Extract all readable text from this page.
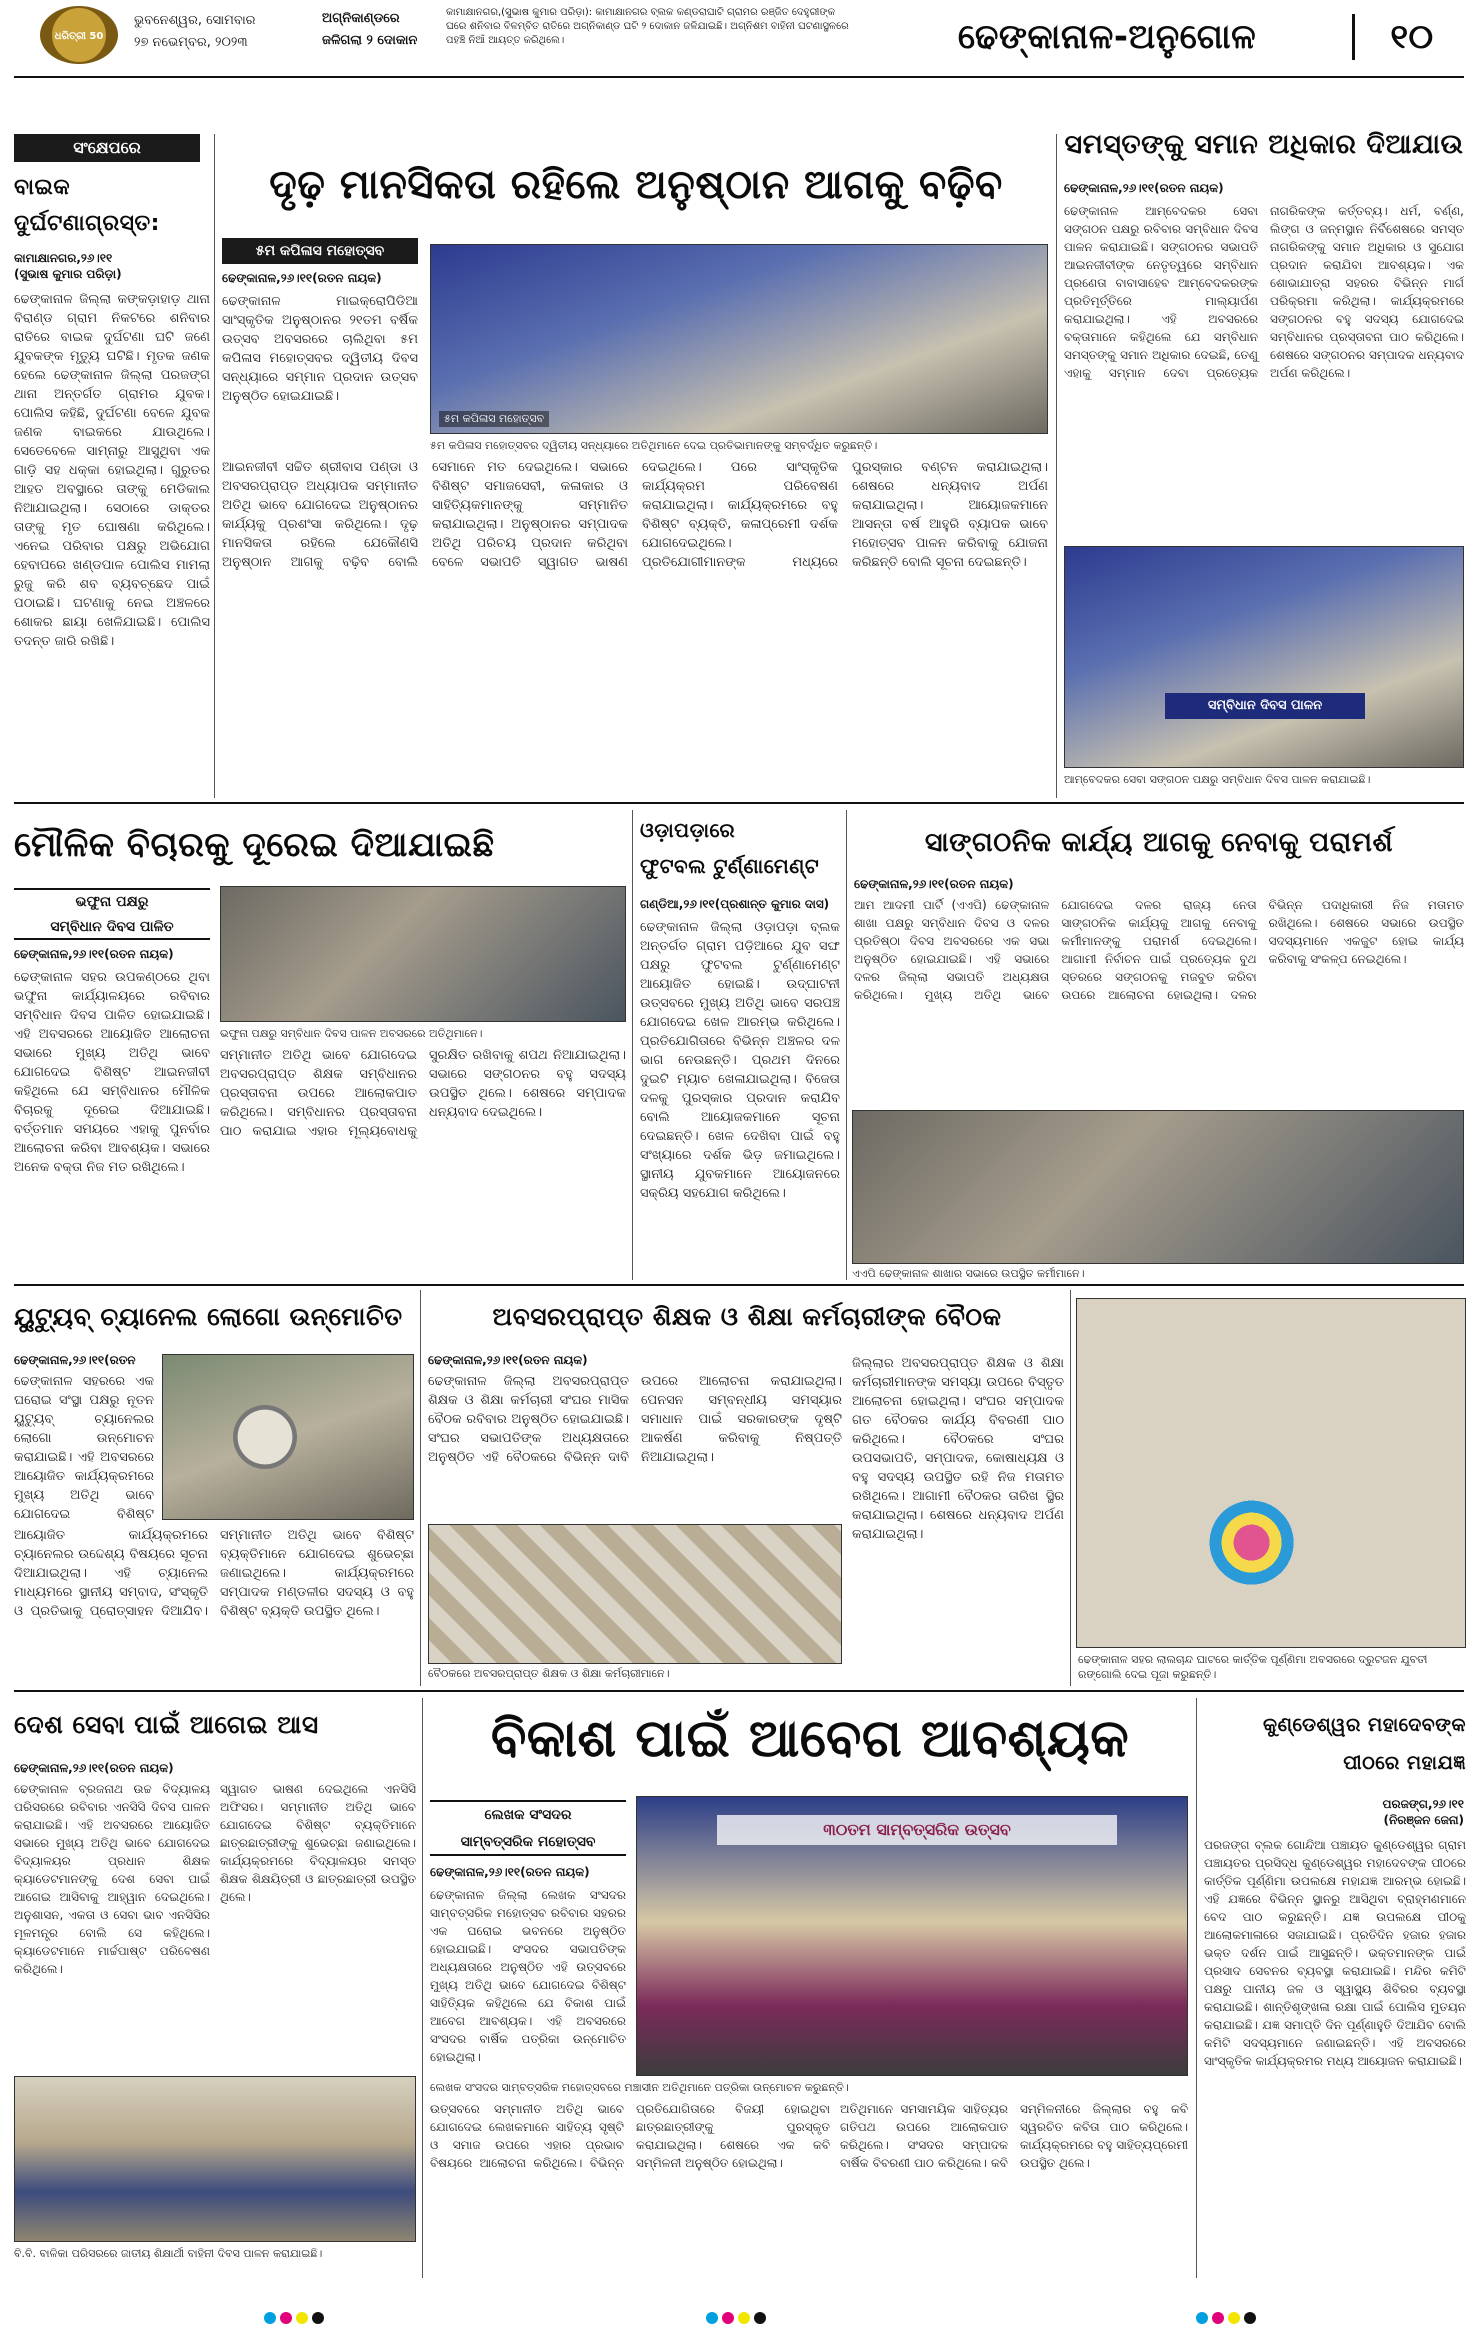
ଧରିତ୍ରୀ 50
ଭୁବନେଶ୍ୱର, ସୋମବାର
୨୭ ନଭେମ୍ବର, ୨୦୨୩
ଅଗ୍ନିକାଣ୍ଡରେ
ଜଳିଗଲା ୨ ଦୋକାନ
କାମାକ୍ଷାନଗର,(ସୁଭାଷ କୁମାର ପରିଡ଼ା): କାମାକ୍ଷାନଗର ବ୍ଲକ କଣ୍ଡରାଘାଟି ଗ୍ରାମର ରଞ୍ଜିତ ଦେହୁରୀଙ୍କ ଘରେ ଶନିବାର ବିଳମ୍ବିତ ରାତିରେ ଅଗ୍ନିକାଣ୍ଡ ଘଟି ୨ ଦୋକାନ ଜଳିଯାଇଛି। ଅଗ୍ନିଶମ ବାହିନୀ ଘଟଣାସ୍ଥଳରେ ପହଞ୍ଚି ନିଆଁ ଆୟତ୍ତ କରିଥିଲେ।	ଢେଙ୍କାନାଳ-ଅନୁଗୋଳ	୧୦
ସଂକ୍ଷେପରେ
ବାଇକ ଦୁର୍ଘଟଣାଗ୍ରସ୍ତ:

କାମାକ୍ଷାନଗର,୨୬।୧୧
(ସୁଭାଷ କୁମାର ପରିଡ଼ା)
ଢେଙ୍କାନାଳ ଜିଲ୍ଲା କଙ୍କଡ଼ାହାଡ଼ ଥାନା ବିରାଣ୍ଡ ଗ୍ରାମ ନିକଟରେ ଶନିବାର ରାତିରେ ବାଇକ ଦୁର୍ଘଟଣା ଘଟି ଜଣେ ଯୁବକଙ୍କ ମୃତ୍ୟୁ ଘଟିଛି। ମୃତକ ଜଣକ ହେଲେ ଢେଙ୍କାନାଳ ଜିଲ୍ଲା ପରଜଙ୍ଗ ଥାନା ଅନ୍ତର୍ଗତ ଗ୍ରାମର ଯୁବକ। ପୋଲିସ କହିଛି, ଦୁର୍ଘଟଣା ବେଳେ ଯୁବକ ଜଣକ ବାଇକରେ ଯାଉଥିଲେ। ସେତେବେଳେ ସାମ୍ନାରୁ ଆସୁଥିବା ଏକ ଗାଡ଼ି ସହ ଧକ୍କା ହୋଇଥିଲା। ଗୁରୁତର ଆହତ ଅବସ୍ଥାରେ ତାଙ୍କୁ ମେଡିକାଲ ନିଆଯାଇଥିଲା। ସେଠାରେ ଡାକ୍ତର ତାଙ୍କୁ ମୃତ ଘୋଷଣା କରିଥିଲେ। ଏନେଇ ପରିବାର ପକ୍ଷରୁ ଅଭିଯୋଗ ହେବାପରେ ଖଣ୍ଡପାଳ ପୋଲିସ ମାମଲା ରୁଜୁ କରି ଶବ ବ୍ୟବଚ୍ଛେଦ ପାଇଁ ପଠାଇଛି। ଘଟଣାକୁ ନେଇ ଅଞ୍ଚଳରେ ଶୋକର ଛାୟା ଖେଳିଯାଇଛି। ପୋଲିସ ତଦନ୍ତ ଜାରି ରଖିଛି।
ଦୃଢ଼ ମାନସିକତା ରହିଲେ ଅନୁଷ୍ଠାନ ଆଗକୁ ବଢ଼ିବ
୫ମ କପିଳାସ ମହୋତ୍ସବ
ଢେଙ୍କାନାଳ,୨୬।୧୧(ରତନ ନାୟକ)
ଢେଙ୍କାନାଳ ମାଇକ୍ରୋପିଡିଆ ସାଂସ୍କୃତିକ ଅନୁଷ୍ଠାନର ୨୧ତମ ବର୍ଷିକ ଉତ୍ସବ ଅବସରରେ ଚାଲିଥିବା ୫ମ କପିଳାସ ମହୋତ୍ସବର ଦ୍ୱିତୀୟ ଦିବସ ସନ୍ଧ୍ୟାରେ ସମ୍ମାନ ପ୍ରଦାନ ଉତ୍ସବ ଅନୁଷ୍ଠିତ ହୋଇଯାଇଛି।
୫ମ କପିଳାସ ମହୋତ୍ସବ
୫ମ କପିଳାସ ମହୋତ୍ସବର ଦ୍ୱିତୀୟ ସନ୍ଧ୍ୟାରେ ଅତିଥିମାନେ ଦେଇ ପ୍ରତିଭାମାନଙ୍କୁ ସମ୍ବର୍ଦ୍ଧିତ କରୁଛନ୍ତି।
ଆଇନଜୀବୀ ସଚ୍ଚିତ ଶ୍ରୀବାସ ପଣ୍ଡା ଓ ଅବସରପ୍ରାପ୍ତ ଅଧ୍ୟାପକ ସମ୍ମାନୀତ ଅତିଥି ଭାବେ ଯୋଗଦେଇ ଅନୁଷ୍ଠାନର କାର୍ଯ୍ୟକୁ ପ୍ରଶଂସା କରିଥିଲେ। ଦୃଢ଼ ମାନସିକତା ରହିଲେ ଯେକୌଣସି ଅନୁଷ୍ଠାନ ଆଗକୁ ବଢ଼ିବ ବୋଲି ସେମାନେ ମତ ଦେଇଥିଲେ। ସଭାରେ ବିଶିଷ୍ଟ ସମାଜସେବୀ, କଳାକାର ଓ ସାହିତ୍ୟିକମାନଙ୍କୁ ସମ୍ମାନିତ କରାଯାଇଥିଲା। ଅନୁଷ୍ଠାନର ସମ୍ପାଦକ ଅତିଥି ପରିଚୟ ପ୍ରଦାନ କରିଥିବା ବେଳେ ସଭାପତି ସ୍ୱାଗତ ଭାଷଣ ଦେଇଥିଲେ। ପରେ ସାଂସ୍କୃତିକ କାର୍ଯ୍ୟକ୍ରମ ପରିବେଷଣ କରାଯାଇଥିଲା। କାର୍ଯ୍ୟକ୍ରମରେ ବହୁ ବିଶିଷ୍ଟ ବ୍ୟକ୍ତି, କଳାପ୍ରେମୀ ଦର୍ଶକ ଯୋଗଦେଇଥିଲେ। ପ୍ରତିଯୋଗୀମାନଙ୍କ ମଧ୍ୟରେ ପୁରସ୍କାର ବଣ୍ଟନ କରାଯାଇଥିଲା। ଶେଷରେ ଧନ୍ୟବାଦ ଅର୍ପଣ କରାଯାଇଥିଲା। ଆୟୋଜକମାନେ ଆସନ୍ତା ବର୍ଷ ଆହୁରି ବ୍ୟାପକ ଭାବେ ମହୋତ୍ସବ ପାଳନ କରିବାକୁ ଯୋଜନା କରିଛନ୍ତି ବୋଲି ସୂଚନା ଦେଇଛନ୍ତି।
ସମସ୍ତଙ୍କୁ ସମାନ ଅଧିକାର ଦିଆଯାଉ
ଢେଙ୍କାନାଳ,୨୬।୧୧(ରତନ ନାୟକ)
ଢେଙ୍କାନାଳ ଆମ୍ବେଦକର ସେବା ସଙ୍ଗଠନ ପକ୍ଷରୁ ରବିବାର ସମ୍ବିଧାନ ଦିବସ ପାଳନ କରାଯାଇଛି। ସଙ୍ଗଠନର ସଭାପତି ଆଇନଜୀବୀଙ୍କ ନେତୃତ୍ୱରେ ସମ୍ବିଧାନ ପ୍ରଣେତା ବାବାସାହେବ ଆମ୍ବେଦକରଙ୍କ ପ୍ରତିମୂର୍ତ୍ତିରେ ମାଲ୍ୟାର୍ପଣ କରାଯାଇଥିଲା। ଏହି ଅବସରରେ ବକ୍ତାମାନେ କହିଥିଲେ ଯେ ସମ୍ବିଧାନ ସମସ୍ତଙ୍କୁ ସମାନ ଅଧିକାର ଦେଇଛି, ତେଣୁ ଏହାକୁ ସମ୍ମାନ ଦେବା ପ୍ରତ୍ୟେକ ନାଗରିକଙ୍କ କର୍ତ୍ତବ୍ୟ। ଧର୍ମ, ବର୍ଣ୍ଣ, ଲିଙ୍ଗ ଓ ଜନ୍ମସ୍ଥାନ ନିର୍ବିଶେଷରେ ସମସ୍ତ ନାଗରିକଙ୍କୁ ସମାନ ଅଧିକାର ଓ ସୁଯୋଗ ପ୍ରଦାନ କରାଯିବା ଆବଶ୍ୟକ। ଏକ ଶୋଭାଯାତ୍ରା ସହରର ବିଭିନ୍ନ ମାର୍ଗ ପରିକ୍ରମା କରିଥିଲା। କାର୍ଯ୍ୟକ୍ରମରେ ସଙ୍ଗଠନର ବହୁ ସଦସ୍ୟ ଯୋଗଦେଇ ସମ୍ବିଧାନର ପ୍ରସ୍ତାବନା ପାଠ କରିଥିଲେ। ଶେଷରେ ସଙ୍ଗଠନର ସମ୍ପାଦକ ଧନ୍ୟବାଦ ଅର୍ପଣ କରିଥିଲେ।
ସମ୍ବିଧାନ ଦିବସ ପାଳନ
ଆମ୍ବେଦକର ସେବା ସଙ୍ଗଠନ ପକ୍ଷରୁ ସମ୍ବିଧାନ ଦିବସ ପାଳନ କରାଯାଇଛି।
ମୌଳିକ ବିଚାରକୁ ଦୂରେଇ ଦିଆଯାଇଛି
ଭଫୁନା ପକ୍ଷରୁ
ସମ୍ବିଧାନ ଦିବସ ପାଳିତ
ଢେଙ୍କାନାଳ,୨୬।୧୧(ରତନ ନାୟକ)
ଢେଙ୍କାନାଳ ସହର ଉପକଣ୍ଠରେ ଥିବା ଭଫୁନା କାର୍ଯ୍ୟାଳୟରେ ରବିବାର ସମ୍ବିଧାନ ଦିବସ ପାଳିତ ହୋଇଯାଇଛି। ଏହି ଅବସରରେ ଆୟୋଜିତ ଆଲୋଚନା ସଭାରେ ମୁଖ୍ୟ ଅତିଥି ଭାବେ ଯୋଗଦେଇ ବିଶିଷ୍ଟ ଆଇନଜୀବୀ କହିଥିଲେ ଯେ ସମ୍ବିଧାନର ମୌଳିକ ବିଚାରକୁ ଦୂରେଇ ଦିଆଯାଇଛି। ବର୍ତ୍ତମାନ ସମୟରେ ଏହାକୁ ପୁନର୍ବାର ଆଲୋଚନା କରିବା ଆବଶ୍ୟକ। ସଭାରେ ଅନେକ ବକ୍ତା ନିଜ ମତ ରଖିଥିଲେ।
ଭଫୁନା ପକ୍ଷରୁ ସମ୍ବିଧାନ ଦିବସ ପାଳନ ଅବସରରେ ଅତିଥିମାନେ।
ସମ୍ମାନୀତ ଅତିଥି ଭାବେ ଯୋଗଦେଇ ଅବସରପ୍ରାପ୍ତ ଶିକ୍ଷକ ସମ୍ବିଧାନର ପ୍ରସ୍ତାବନା ଉପରେ ଆଲୋକପାତ କରିଥିଲେ। ସମ୍ବିଧାନର ପ୍ରସ୍ତାବନା ପାଠ କରାଯାଇ ଏହାର ମୂଲ୍ୟବୋଧକୁ ସୁରକ୍ଷିତ ରଖିବାକୁ ଶପଥ ନିଆଯାଇଥିଲା। ସଭାରେ ସଙ୍ଗଠନର ବହୁ ସଦସ୍ୟ ଉପସ୍ଥିତ ଥିଲେ। ଶେଷରେ ସମ୍ପାଦକ ଧନ୍ୟବାଦ ଦେଇଥିଲେ।
ଓଡ଼ାପଡ଼ାରେ
ଫୁଟବଲ ଟୁର୍ଣ୍ଣାମେଣ୍ଟ
ଗଣ୍ଡିଆ,୨୬।୧୧(ପ୍ରଶାନ୍ତ କୁମାର ଦାସ)
ଢେଙ୍କାନାଳ ଜିଲ୍ଲା ଓଡ଼ାପଡ଼ା ବ୍ଲକ ଅନ୍ତର୍ଗତ ଗ୍ରାମ ପଡ଼ିଆରେ ଯୁବ ସଙ୍ଘ ପକ୍ଷରୁ ଫୁଟବଲ ଟୁର୍ଣ୍ଣାମେଣ୍ଟ ଆୟୋଜିତ ହୋଇଛି। ଉଦ୍‌ଘାଟନୀ ଉତ୍ସବରେ ମୁଖ୍ୟ ଅତିଥି ଭାବେ ସରପଞ୍ଚ ଯୋଗଦେଇ ଖେଳ ଆରମ୍ଭ କରିଥିଲେ। ପ୍ରତିଯୋଗିତାରେ ବିଭିନ୍ନ ଅଞ୍ଚଳର ଦଳ ଭାଗ ନେଉଛନ୍ତି। ପ୍ରଥମ ଦିନରେ ଦୁଇଟି ମ୍ୟାଚ ଖେଳାଯାଇଥିଲା। ବିଜେତା ଦଳକୁ ପୁରସ୍କାର ପ୍ରଦାନ କରାଯିବ ବୋଲି ଆୟୋଜକମାନେ ସୂଚନା ଦେଇଛନ୍ତି। ଖେଳ ଦେଖିବା ପାଇଁ ବହୁ ସଂଖ୍ୟାରେ ଦର୍ଶକ ଭିଡ଼ ଜମାଇଥିଲେ। ସ୍ଥାନୀୟ ଯୁବକମାନେ ଆୟୋଜନରେ ସକ୍ରିୟ ସହଯୋଗ କରିଥିଲେ।
ସାଙ୍ଗଠନିକ କାର୍ଯ୍ୟ ଆଗକୁ ନେବାକୁ ପରାମର୍ଶ
ଢେଙ୍କାନାଳ,୨୬।୧୧(ରତନ ନାୟକ)
ଆମ ଆଦମୀ ପାର୍ଟି (ଏଏପି) ଢେଙ୍କାନାଳ ଶାଖା ପକ୍ଷରୁ ସମ୍ବିଧାନ ଦିବସ ଓ ଦଳର ପ୍ରତିଷ୍ଠା ଦିବସ ଅବସରରେ ଏକ ସଭା ଅନୁଷ୍ଠିତ ହୋଇଯାଇଛି। ଏହି ସଭାରେ ଦଳର ଜିଲ୍ଲା ସଭାପତି ଅଧ୍ୟକ୍ଷତା କରିଥିଲେ। ମୁଖ୍ୟ ଅତିଥି ଭାବେ ଯୋଗଦେଇ ଦଳର ରାଜ୍ୟ ନେତା ସାଙ୍ଗଠନିକ କାର୍ଯ୍ୟକୁ ଆଗକୁ ନେବାକୁ କର୍ମୀମାନଙ୍କୁ ପରାମର୍ଶ ଦେଇଥିଲେ। ଆଗାମୀ ନିର୍ବାଚନ ପାଇଁ ପ୍ରତ୍ୟେକ ବୁଥ ସ୍ତରରେ ସଙ୍ଗଠନକୁ ମଜବୁତ କରିବା ଉପରେ ଆଲୋଚନା ହୋଇଥିଲା। ଦଳର ବିଭିନ୍ନ ପଦାଧିକାରୀ ନିଜ ମତାମତ ରଖିଥିଲେ। ଶେଷରେ ସଭାରେ ଉପସ୍ଥିତ ସଦସ୍ୟମାନେ ଏକଜୁଟ ହୋଇ କାର୍ଯ୍ୟ କରିବାକୁ ସଂକଳ୍ପ ନେଇଥିଲେ।
ଏଏପି ଢେଙ୍କାନାଳ ଶାଖାର ସଭାରେ ଉପସ୍ଥିତ କର୍ମୀମାନେ।
ୟୁଟ୍ୟୁବ୍ ଚ୍ୟାନେଲ ଲୋଗୋ ଉନ୍ମୋଚିତ
ଢେଙ୍କାନାଳ,୨୬।୧୧(ରତନ
ଢେଙ୍କାନାଳ ସହରରେ ଏକ ଘରୋଇ ସଂସ୍ଥା ପକ୍ଷରୁ ନୂତନ ୟୁଟ୍ୟୁବ୍ ଚ୍ୟାନେଲର ଲୋଗୋ ଉନ୍ମୋଚନ କରାଯାଇଛି। ଏହି ଅବସରରେ ଆୟୋଜିତ କାର୍ଯ୍ୟକ୍ରମରେ ମୁଖ୍ୟ ଅତିଥି ଭାବେ ଯୋଗଦେଇ ବିଶିଷ୍ଟ
ଆୟୋଜିତ କାର୍ଯ୍ୟକ୍ରମରେ ଚ୍ୟାନେଲର ଉଦ୍ଦେଶ୍ୟ ବିଷୟରେ ସୂଚନା ଦିଆଯାଇଥିଲା। ଏହି ଚ୍ୟାନେଲ ମାଧ୍ୟମରେ ସ୍ଥାନୀୟ ସମ୍ବାଦ, ସଂସ୍କୃତି ଓ ପ୍ରତିଭାକୁ ପ୍ରୋତ୍ସାହନ ଦିଆଯିବ। ସମ୍ମାନୀତ ଅତିଥି ଭାବେ ବିଶିଷ୍ଟ ବ୍ୟକ୍ତିମାନେ ଯୋଗଦେଇ ଶୁଭେଚ୍ଛା ଜଣାଇଥିଲେ। କାର୍ଯ୍ୟକ୍ରମରେ ସମ୍ପାଦକ ମଣ୍ଡଳୀର ସଦସ୍ୟ ଓ ବହୁ ବିଶିଷ୍ଟ ବ୍ୟକ୍ତି ଉପସ୍ଥିତ ଥିଲେ।
ଅବସରପ୍ରାପ୍ତ ଶିକ୍ଷକ ଓ ଶିକ୍ଷା କର୍ମଚାରୀଙ୍କ ବୈଠକ
ଢେଙ୍କାନାଳ,୨୬।୧୧(ରତନ ନାୟକ)
ଢେଙ୍କାନାଳ ଜିଲ୍ଲା ଅବସରପ୍ରାପ୍ତ ଶିକ୍ଷକ ଓ ଶିକ୍ଷା କର୍ମଚାରୀ ସଂଘର ମାସିକ ବୈଠକ ରବିବାର ଅନୁଷ୍ଠିତ ହୋଇଯାଇଛି। ସଂଘର ସଭାପତିଙ୍କ ଅଧ୍ୟକ୍ଷତାରେ ଅନୁଷ୍ଠିତ ଏହି ବୈଠକରେ ବିଭିନ୍ନ ଦାବି ଉପରେ ଆଲୋଚନା କରାଯାଇଥିଲା। ପେନସନ ସମ୍ବନ୍ଧୀୟ ସମସ୍ୟାର ସମାଧାନ ପାଇଁ ସରକାରଙ୍କ ଦୃଷ୍ଟି ଆକର୍ଷଣ କରିବାକୁ ନିଷ୍ପତ୍ତି ନିଆଯାଇଥିଲା।
ବୈଠକରେ ଅବସରପ୍ରାପ୍ତ ଶିକ୍ଷକ ଓ ଶିକ୍ଷା କର୍ମଚାରୀମାନେ।
ଜିଲ୍ଲାର ଅବସରପ୍ରାପ୍ତ ଶିକ୍ଷକ ଓ ଶିକ୍ଷା କର୍ମଚାରୀମାନଙ୍କ ସମସ୍ୟା ଉପରେ ବିସ୍ତୃତ ଆଲୋଚନା ହୋଇଥିଲା। ସଂଘର ସମ୍ପାଦକ ଗତ ବୈଠକର କାର୍ଯ୍ୟ ବିବରଣୀ ପାଠ କରିଥିଲେ। ବୈଠକରେ ସଂଘର ଉପସଭାପତି, ସମ୍ପାଦକ, କୋଷାଧ୍ୟକ୍ଷ ଓ ବହୁ ସଦସ୍ୟ ଉପସ୍ଥିତ ରହି ନିଜ ମତାମତ ରଖିଥିଲେ। ଆଗାମୀ ବୈଠକର ତାରିଖ ସ୍ଥିର କରାଯାଇଥିଲା। ଶେଷରେ ଧନ୍ୟବାଦ ଅର୍ପଣ କରାଯାଇଥିଲା।
ଢେଙ୍କାନାଳ ସହର ଲାଲଚାନ୍ଦ ଘାଟରେ କାର୍ତ୍ତିକ ପୂର୍ଣ୍ଣିମା ଅବସରରେ ଦ୍ରୁଟଜନ ଯୁବତୀ ରଙ୍ଗୋଲି ଦେଇ ପୂଜା କରୁଛନ୍ତି।
ଦେଶ ସେବା ପାଇଁ ଆଗେଇ ଆସ
ଢେଙ୍କାନାଳ,୨୬।୧୧(ରତନ ନାୟକ)
ଢେଙ୍କାନାଳ ବ୍ରଜନାଥ ଉଚ୍ଚ ବିଦ୍ୟାଳୟ ପରିସରରେ ରବିବାର ଏନସିସି ଦିବସ ପାଳନ କରାଯାଇଛି। ଏହି ଅବସରରେ ଆୟୋଜିତ ସଭାରେ ମୁଖ୍ୟ ଅତିଥି ଭାବେ ଯୋଗଦେଇ ବିଦ୍ୟାଳୟର ପ୍ରଧାନ ଶିକ୍ଷକ କ୍ୟାଡେଟମାନଙ୍କୁ ଦେଶ ସେବା ପାଇଁ ଆଗେଇ ଆସିବାକୁ ଆହ୍ୱାନ ଦେଇଥିଲେ। ଅନୁଶାସନ, ଏକତା ଓ ସେବା ଭାବ ଏନସିସିର ମୂଳମନ୍ତ୍ର ବୋଲି ସେ କହିଥିଲେ। କ୍ୟାଡେଟମାନେ ମାର୍ଚ୍ଚପାଷ୍ଟ ପରିବେଷଣ କରିଥିଲେ।
ସ୍ୱାଗତ ଭାଷଣ ଦେଇଥିଲେ ଏନସିସି ଅଫିସର। ସମ୍ମାନୀତ ଅତିଥି ଭାବେ ଯୋଗଦେଇ ବିଶିଷ୍ଟ ବ୍ୟକ୍ତିମାନେ ଛାତ୍ରଛାତ୍ରୀଙ୍କୁ ଶୁଭେଚ୍ଛା ଜଣାଇଥିଲେ। କାର୍ଯ୍ୟକ୍ରମରେ ବିଦ୍ୟାଳୟର ସମସ୍ତ ଶିକ୍ଷକ ଶିକ୍ଷୟିତ୍ରୀ ଓ ଛାତ୍ରଛାତ୍ରୀ ଉପସ୍ଥିତ ଥିଲେ।
ବି.ବି. ବାଳିକା ପରିସରରେ ଜାତୀୟ ଶିକ୍ଷାର୍ଥୀ ବାହିନୀ ଦିବସ ପାଳନ କରାଯାଇଛି।
ବିକାଶ ପାଇଁ ଆବେଗ ଆବଶ୍ୟକ
ଲେଖକ ସଂସଦର
ସାମ୍ବତ୍ସରିକ ମହୋତ୍ସବ
ଢେଙ୍କାନାଳ,୨୬।୧୧(ରତନ ନାୟକ)
ଢେଙ୍କାନାଳ ଜିଲ୍ଲା ଲେଖକ ସଂସଦର ସାମ୍ବତ୍ସରିକ ମହୋତ୍ସବ ରବିବାର ସହରର ଏକ ଘରୋଇ ଭବନରେ ଅନୁଷ୍ଠିତ ହୋଇଯାଇଛି। ସଂସଦର ସଭାପତିଙ୍କ ଅଧ୍ୟକ୍ଷତାରେ ଅନୁଷ୍ଠିତ ଏହି ଉତ୍ସବରେ ମୁଖ୍ୟ ଅତିଥି ଭାବେ ଯୋଗଦେଇ ବିଶିଷ୍ଟ ସାହିତ୍ୟିକ କହିଥିଲେ ଯେ ବିକାଶ ପାଇଁ ଆବେଗ ଆବଶ୍ୟକ। ଏହି ଅବସରରେ ସଂସଦର ବାର୍ଷିକ ପତ୍ରିକା ଉନ୍ମୋଚିତ ହୋଇଥିଲା।
୩୦ତମ ସାମ୍ବତ୍ସରିକ ଉତ୍ସବ
ଲେଖକ ସଂସଦର ସାମ୍ବତ୍ସରିକ ମହୋତ୍ସବରେ ମଞ୍ଚାସୀନ ଅତିଥିମାନେ ପତ୍ରିକା ଉନ୍ମୋଚନ କରୁଛନ୍ତି।
ଉତ୍ସବରେ ସମ୍ମାନୀତ ଅତିଥି ଭାବେ ଯୋଗଦେଇ ଲେଖକମାନେ ସାହିତ୍ୟ ସୃଷ୍ଟି ଓ ସମାଜ ଉପରେ ଏହାର ପ୍ରଭାବ ବିଷୟରେ ଆଲୋଚନା କରିଥିଲେ। ବିଭିନ୍ନ ପ୍ରତିଯୋଗିତାରେ ବିଜୟୀ ହୋଇଥିବା ଛାତ୍ରଛାତ୍ରୀଙ୍କୁ ପୁରସ୍କୃତ କରାଯାଇଥିଲା। ଶେଷରେ ଏକ କବି ସମ୍ମିଳନୀ ଅନୁଷ୍ଠିତ ହୋଇଥିଲା।
ଅତିଥିମାନେ ସମସାମୟିକ ସାହିତ୍ୟର ଗତିପଥ ଉପରେ ଆଲୋକପାତ କରିଥିଲେ। ସଂସଦର ସମ୍ପାଦକ ବାର୍ଷିକ ବିବରଣୀ ପାଠ କରିଥିଲେ। କବି ସମ୍ମିଳନୀରେ ଜିଲ୍ଲାର ବହୁ କବି ସ୍ୱରଚିତ କବିତା ପାଠ କରିଥିଲେ। କାର୍ଯ୍ୟକ୍ରମରେ ବହୁ ସାହିତ୍ୟପ୍ରେମୀ ଉପସ୍ଥିତ ଥିଲେ।
କୁଣ୍ଡେଶ୍ୱର ମହାଦେବଙ୍କ
ପୀଠରେ ମହାଯଜ୍ଞ
ପରଜଙ୍ଗ,୨୬।୧୧
(ନିରଞ୍ଜନ ଜେନା)
ପରଜଙ୍ଗ ବ୍ଲକ ଗୋନ୍ଦିଆ ପଞ୍ଚାୟତ କୁଣ୍ଡେଶ୍ୱର ଗ୍ରାମ ପଞ୍ଚାୟତର ପ୍ରସିଦ୍ଧ କୁଣ୍ଡେଶ୍ୱର ମହାଦେବଙ୍କ ପୀଠରେ କାର୍ତ୍ତିକ ପୂର୍ଣ୍ଣିମା ଉପଲକ୍ଷେ ମହାଯଜ୍ଞ ଆରମ୍ଭ ହୋଇଛି। ଏହି ଯଜ୍ଞରେ ବିଭିନ୍ନ ସ୍ଥାନରୁ ଆସିଥିବା ବ୍ରାହ୍ମଣମାନେ ବେଦ ପାଠ କରୁଛନ୍ତି। ଯଜ୍ଞ ଉପଲକ୍ଷେ ପୀଠକୁ ଆଲୋକମାଳାରେ ସଜାଯାଇଛି। ପ୍ରତିଦିନ ହଜାର ହଜାର ଭକ୍ତ ଦର୍ଶନ ପାଇଁ ଆସୁଛନ୍ତି। ଭକ୍ତମାନଙ୍କ ପାଇଁ ପ୍ରସାଦ ସେବନର ବ୍ୟବସ୍ଥା କରାଯାଇଛି। ମନ୍ଦିର କମିଟି ପକ୍ଷରୁ ପାନୀୟ ଜଳ ଓ ସ୍ୱାସ୍ଥ୍ୟ ଶିବିରର ବ୍ୟବସ୍ଥା କରାଯାଇଛି। ଶାନ୍ତିଶୃଙ୍ଖଳା ରକ୍ଷା ପାଇଁ ପୋଲିସ ମୁତୟନ କରାଯାଇଛି। ଯଜ୍ଞ ସମାପ୍ତି ଦିନ ପୂର୍ଣ୍ଣାହୁତି ଦିଆଯିବ ବୋଲି କମିଟି ସଦସ୍ୟମାନେ ଜଣାଇଛନ୍ତି। ଏହି ଅବସରରେ ସାଂସ୍କୃତିକ କାର୍ଯ୍ୟକ୍ରମର ମଧ୍ୟ ଆୟୋଜନ କରାଯାଇଛି।
